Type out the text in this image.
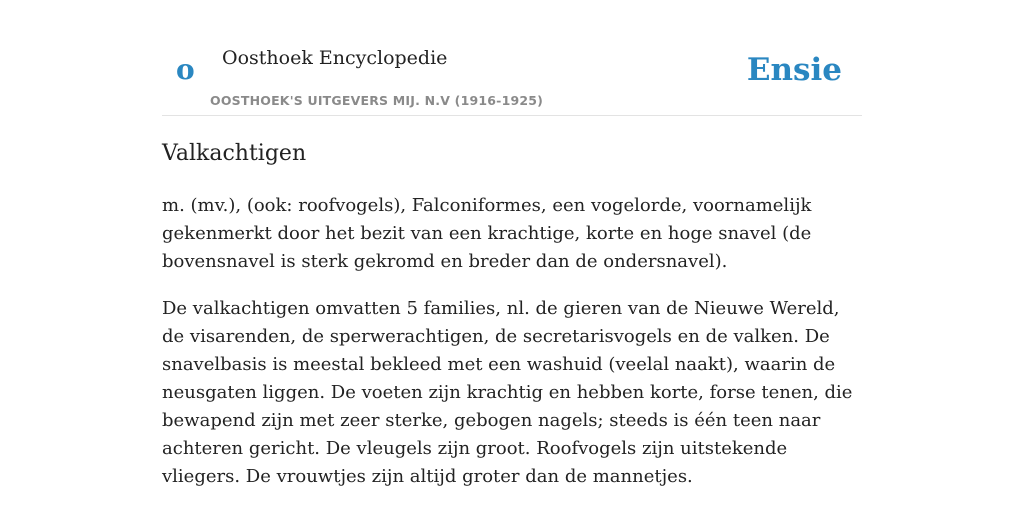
o Oosthoek Encyclopedie
OOSTHOEK'S UITGEVERS MIJ. N.V (1916-1925)
Ensie
Valkachtigen

m. (mv.), (ook: roofvogels), Falconiformes, een vogelorde, voornamelijk gekenmerkt door het bezit van een krachtige, korte en hoge snavel (de bovensnavel is sterk gekromd en breder dan de ondersnavel).

De valkachtigen omvatten 5 families, nl. de gieren van de Nieuwe Wereld, de visarenden, de sperwerachtigen, de secretarisvogels en de valken. De snavelbasis is meestal bekleed met een washuid (veelal naakt), waarin de neusgaten liggen. De voeten zijn krachtig en hebben korte, forse tenen, die bewapend zijn met zeer sterke, gebogen nagels; steeds is één teen naar achteren gericht. De vleugels zijn groot. Roofvogels zijn uitstekende vliegers. De vrouwtjes zijn altijd groter dan de mannetjes.
